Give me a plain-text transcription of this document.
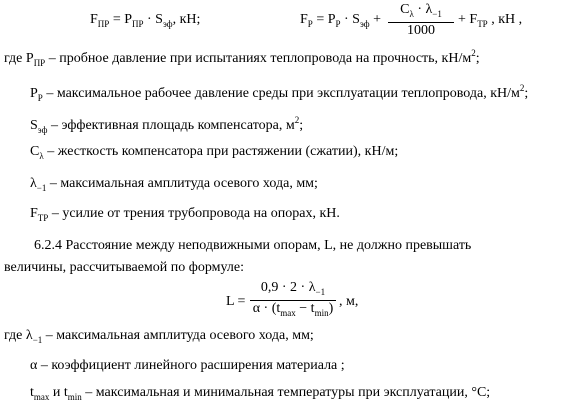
$F_{ПР} = P_{ПР} \cdot S_{эф}$, кН;	$F_Р = P_Р \cdot S_{эф} + \frac{C_\lambda \cdot \lambda_{-1}}{1000} + F_{ТР}$ , кН ,
где $P_{ПР}$ – пробное давление при испытаниях теплопровода на прочность, $кН/м^2$;
$P_Р$ – максимальное рабочее давление среды при эксплуатации теплопровода, $кН/м^2$;
$S_{эф}$ – эффективная площадь компенсатора, $м^2$;
$C_\lambda$ – жесткость компенсатора при растяжении (сжатии), кН/м;
$\lambda_{-1}$ – максимальная амплитуда осевого хода, мм;
$F_{ТР}$ – усилие от трения трубопровода на опорах, кН.
6.2.4 Расстояние между неподвижными опорам, L, не должно превышать
величины, рассчитываемой по формуле:
L =
$0,9 \cdot 2 \cdot \lambda_{-1}$
$\alpha \cdot (t_{max} - t_{min})$ , м,
где $\lambda_{-1}$ – максимальная амплитуда осевого хода, мм;
α – коэффициент линейного расширения материала ;
$t_{max}$ и $t_{min}$ – максимальная и минимальная температуры при эксплуатации, °С;
